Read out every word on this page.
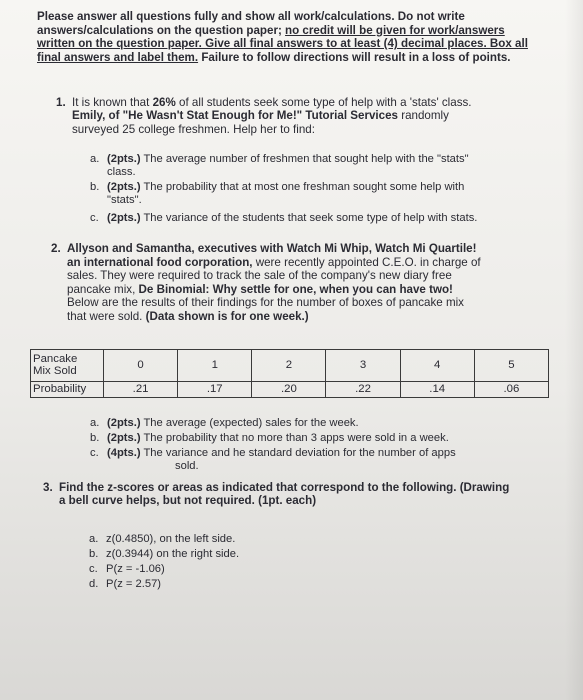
Please answer all questions fully and show all work/calculations. Do not write answers/calculations on the question paper; no credit will be given for work/answers written on the question paper. Give all final answers to at least (4) decimal places. Box all final answers and label them. Failure to follow directions will result in a loss of points.
1. It is known that 26% of all students seek some type of help with a 'stats' class.
Emily, of "He Wasn't Stat Enough for Me!" Tutorial Services randomly
surveyed 25 college freshmen. Help her to find:
a. (2pts.) The average number of freshmen that sought help with the "stats"
class.
b. (2pts.) The probability that at most one freshman sought some help with
"stats".
c. (2pts.) The variance of the students that seek some type of help with stats.
2. Allyson and Samantha, executives with Watch Mi Whip, Watch Mi Quartile!
an international food corporation, were recently appointed C.E.O. in charge of
sales. They were required to track the sale of the company's new diary free
pancake mix, De Binomial: Why settle for one, when you can have two!
Below are the results of their findings for the number of boxes of pancake mix
that were sold. (Data shown is for one week.)
Pancake
Mix Sold	0	1	2	3	4	5
Probability	.21	.17	.20	.22	.14	.06
a. (2pts.) The average (expected) sales for the week.
b. (2pts.) The probability that no more than 3 apps were sold in a week.
c. (4pts.) The variance and he standard deviation for the number of apps
sold.
3. Find the z-scores or areas as indicated that correspond to the following. (Drawing
a bell curve helps, but not required. (1pt. each)
a. z(0.4850), on the left side.
b. z(0.3944) on the right side.
c. P(z = -1.06)
d. P(z = 2.57)
